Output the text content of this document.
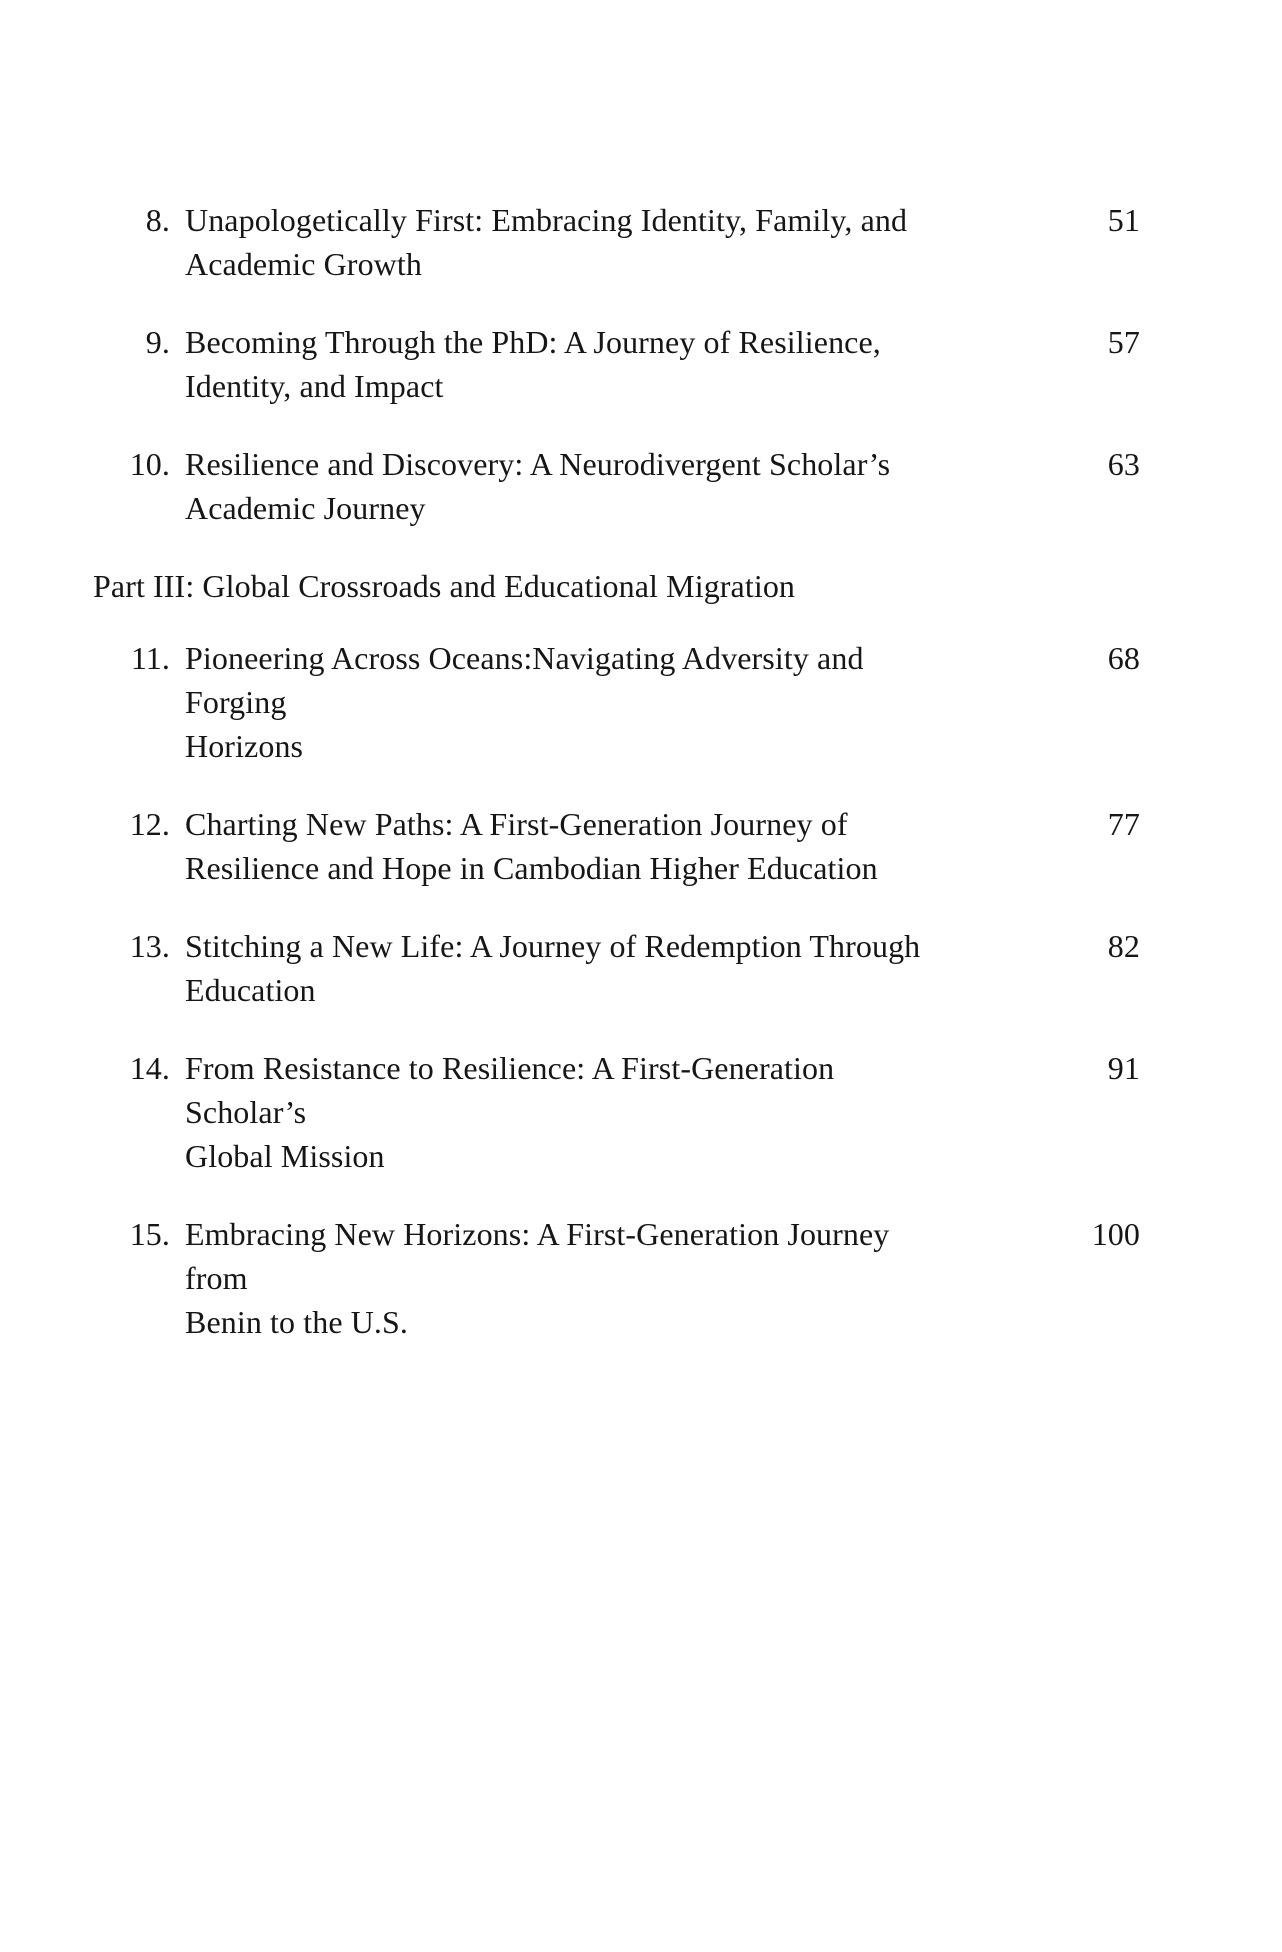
8. Unapologetically First: Embracing Identity, Family, and
Academic Growth
51
9. Becoming Through the PhD: A Journey of Resilience,
Identity, and Impact
57
10. Resilience and Discovery: A Neurodivergent Scholar’s
Academic Journey
63
Part III: Global Crossroads and Educational Migration
11. Pioneering Across Oceans:Navigating Adversity and Forging
Horizons
68
12. Charting New Paths: A First-Generation Journey of
Resilience and Hope in Cambodian Higher Education
77
13. Stitching a New Life: A Journey of Redemption Through
Education
82
14. From Resistance to Resilience: A First-Generation Scholar’s
Global Mission
91
15. Embracing New Horizons: A First-Generation Journey from
Benin to the U.S.
100
